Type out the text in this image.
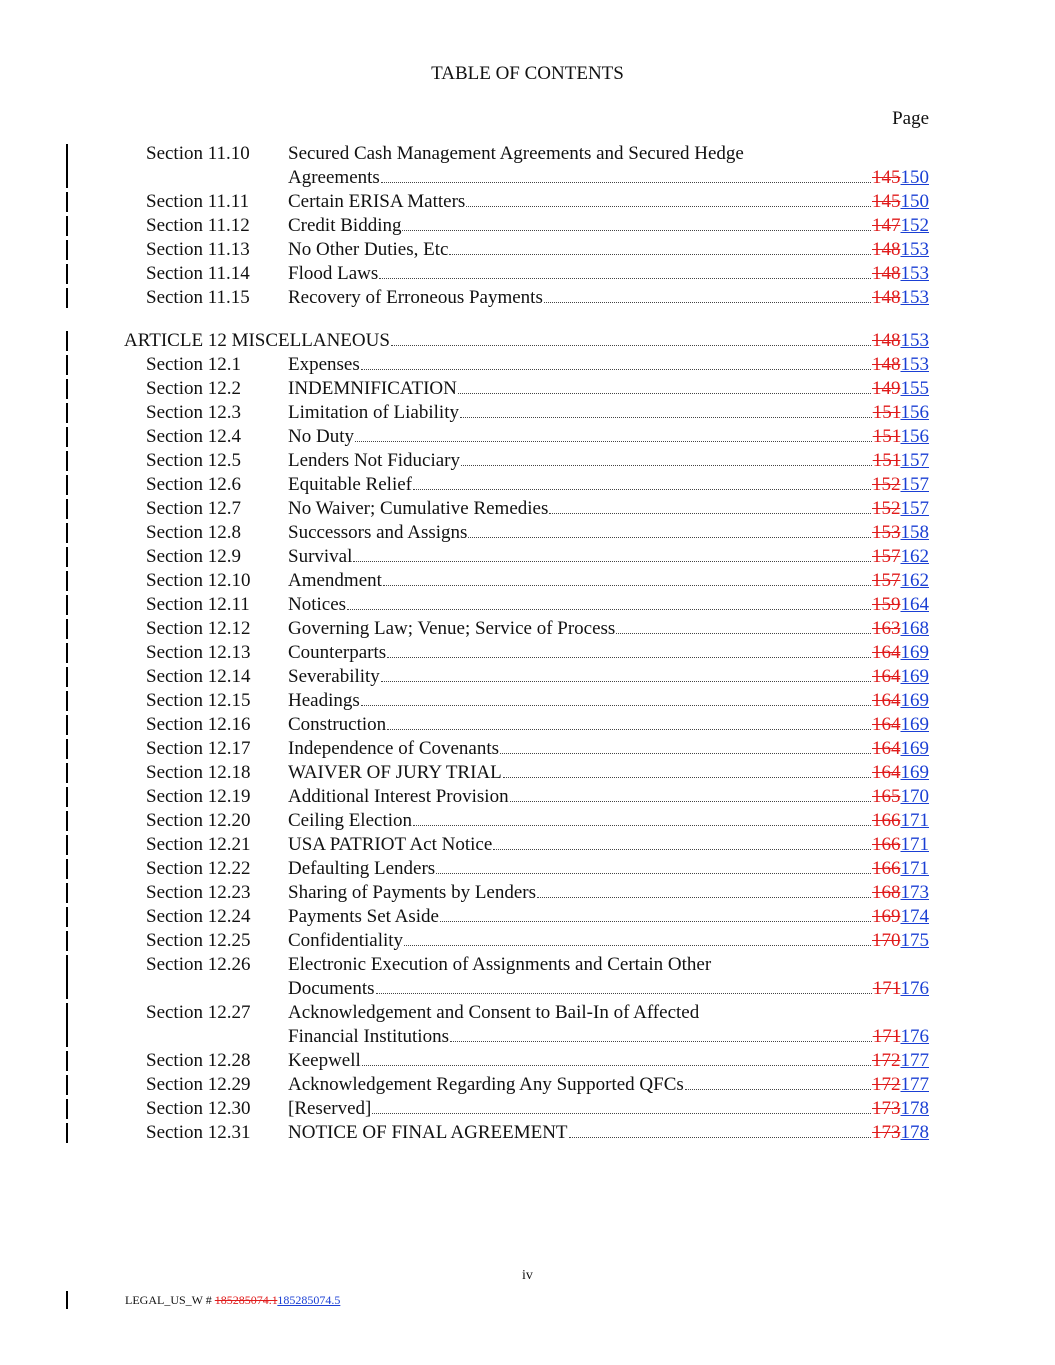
TABLE OF CONTENTS
Page
Section 11.10	Secured Cash Management Agreements and Secured Hedge
Agreements	145150
Section 11.11	Certain ERISA Matters	145150
Section 11.12	Credit Bidding	147152
Section 11.13	No Other Duties, Etc	148153
Section 11.14	Flood Laws	148153
Section 11.15	Recovery of Erroneous Payments	148153
ARTICLE 12 MISCELLANEOUS	148153
Section 12.1	Expenses	148153
Section 12.2	INDEMNIFICATION	149155
Section 12.3	Limitation of Liability	151156
Section 12.4	No Duty	151156
Section 12.5	Lenders Not Fiduciary	151157
Section 12.6	Equitable Relief	152157
Section 12.7	No Waiver; Cumulative Remedies	152157
Section 12.8	Successors and Assigns	153158
Section 12.9	Survival	157162
Section 12.10	Amendment	157162
Section 12.11	Notices	159164
Section 12.12	Governing Law; Venue; Service of Process	163168
Section 12.13	Counterparts	164169
Section 12.14	Severability	164169
Section 12.15	Headings	164169
Section 12.16	Construction	164169
Section 12.17	Independence of Covenants	164169
Section 12.18	WAIVER OF JURY TRIAL	164169
Section 12.19	Additional Interest Provision	165170
Section 12.20	Ceiling Election	166171
Section 12.21	USA PATRIOT Act Notice	166171
Section 12.22	Defaulting Lenders	166171
Section 12.23	Sharing of Payments by Lenders	168173
Section 12.24	Payments Set Aside	169174
Section 12.25	Confidentiality	170175
Section 12.26	Electronic Execution of Assignments and Certain Other
Documents	171176
Section 12.27	Acknowledgement and Consent to Bail-In of Affected
Financial Institutions	171176
Section 12.28	Keepwell	172177
Section 12.29	Acknowledgement Regarding Any Supported QFCs	172177
Section 12.30	[Reserved]	173178
Section 12.31	NOTICE OF FINAL AGREEMENT	173178
iv
LEGAL_US_W # 185285074.1185285074.5
